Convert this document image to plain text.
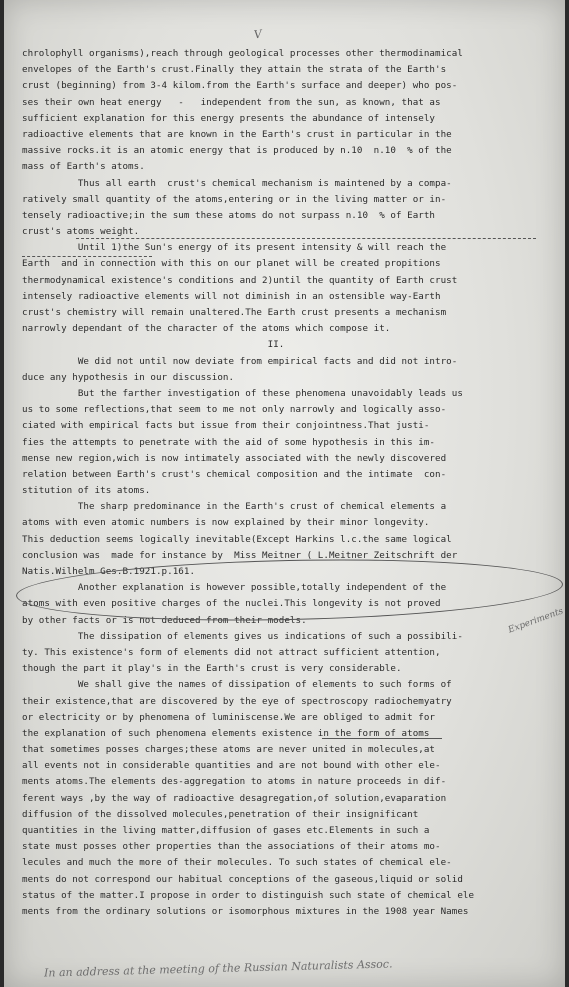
chrolophyll organisms),reach through geological processes other thermodinamical
envelopes of the Earth's crust.Finally they attain the strata of the Earth's
crust (beginning) from 3-4 kilom.from the Earth's surface and deeper) who pos-
ses their own heat energy   -   independent from the sun, as known, that as
sufficient explanation for this energy presents the abundance of intensely
radioactive elements that are known in the Earth's crust in particular in the
massive rocks.it is an atomic energy that is produced by n.10  n.10  % of the
mass of Earth's atoms.
Thus all earth  crust's chemical mechanism is maintened by a compa-
ratively small quantity of the atoms,entering or in the living matter or in-
tensely radioactive;in the sum these atoms do not surpass n.10  % of Earth
crust's atoms weight.
Until 1)the Sun's energy of its present intensity & will reach the
Earth  and in connection with this on our planet will be created propitions
thermodynamical existence's conditions and 2)until the quantity of Earth crust
intensely radioactive elements will not diminish in an ostensible way-Earth
crust's chemistry will remain unaltered.The Earth crust presents a mechanism
narrowly dependant of the character of the atoms which compose it.
II.
We did not until now deviate from empirical facts and did not intro-
duce any hypothesis in our discussion.
But the farther investigation of these phenomena unavoidably leads us
us to some reflections,that seem to me not only narrowly and logically asso-
ciated with empirical facts but issue from their conjointness.That justi-
fies the attempts to penetrate with the aid of some hypothesis in this im-
mense new region,wich is now intimately associated with the newly discovered
relation between Earth's crust's chemical composition and the intimate  con-
stitution of its atoms.
The sharp predominance in the Earth's crust of chemical elements a
atoms with even atomic numbers is now explained by their minor longevity.
This deduction seems logically inevitable(Except Harkins l.c.the same logical
conclusion was  made for instance by  Miss Meitner ( L.Meitner Zeitschrift der
Natis.Wilhelm Ges.B.1921.p.161.
Another explanation is however possible,totally independent of the
atoms with even positive charges of the nuclei.This longevity is not proved
by other facts or is not deduced from their models.
The dissipation of elements gives us indications of such a possibili-
ty. This existence's form of elements did not attract sufficient attention,
though the part it play's in the Earth's crust is very considerable.
We shall give the names of dissipation of elements to such forms of
their existence,that are discovered by the eye of spectroscopy radiochemyatry
or electricity or by phenomena of luminiscense.We are obliged to admit for
the explanation of such phenomena elements existence in the form of atoms
that sometimes posses charges;these atoms are never united in molecules,at
all events not in considerable quantities and are not bound with other ele-
ments atoms.The elements des-aggregation to atoms in nature proceeds in dif-
ferent ways ,by the way of radioactive desagregation,of solution,evaparation
diffusion of the dissolved molecules,penetration of their insignificant
quantities in the living matter,diffusion of gases etc.Elements in such a
state must posses other properties than the associations of their atoms mo-
lecules and much the more of their molecules. To such states of chemical ele-
ments do not correspond our habitual conceptions of the gaseous,liquid or solid
status of the matter.I propose in order to distinguish such state of chemical ele
ments from the ordinary solutions or isomorphous mixtures in the 1908 year Names
V
Experiments
In an address at the meeting of the Russian Naturalists Assoc.
